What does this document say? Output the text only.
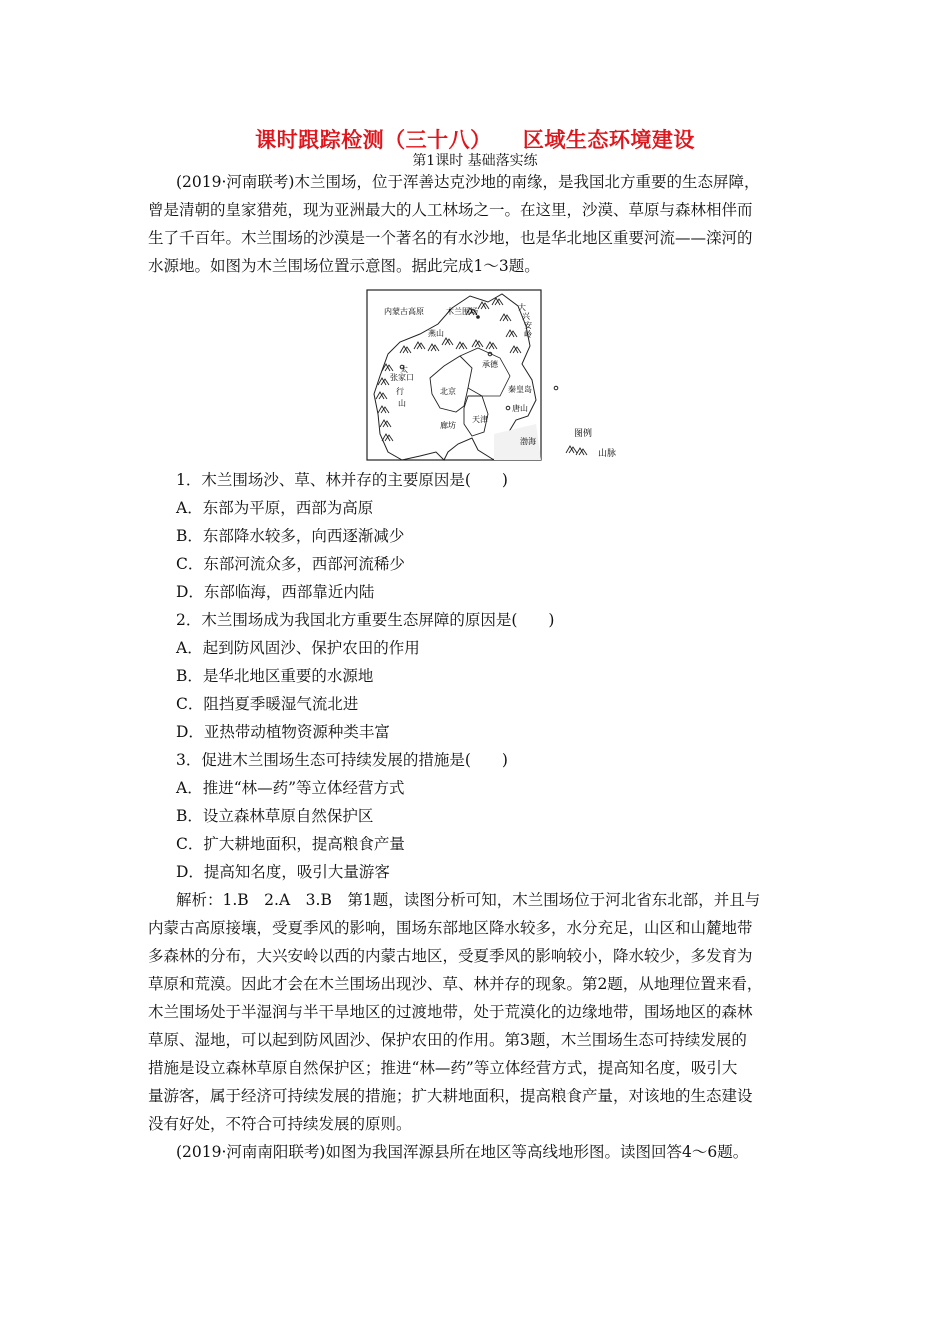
课时跟踪检测（三十八）    区域生态环境建设
第1课时 基础落实练
(2019·河南联考)木兰围场，位于浑善达克沙地的南缘，是我国北方重要的生态屏障，
曾是清朝的皇家猎苑，现为亚洲最大的人工林场之一。在这里，沙漠、草原与森林相伴而
生了千百年。木兰围场的沙漠是一个著名的有水沙地，也是华北地区重要河流——滦河的
水源地。如图为木兰围场位置示意图。据此完成1～3题。
内蒙古高原	木兰围场	大
兴
安
岭
燕山
承德
张家口
太
行
山
北京	秦皇岛
唐山
天津
廊坊
渤海
图例
山脉
1．木兰围场沙、草、林并存的主要原因是(　　)
A．东部为平原，西部为高原
B．东部降水较多，向西逐渐减少
C．东部河流众多，西部河流稀少
D．东部临海，西部靠近内陆
2．木兰围场成为我国北方重要生态屏障的原因是(　　)
A．起到防风固沙、保护农田的作用
B．是华北地区重要的水源地
C．阻挡夏季暖湿气流北进
D．亚热带动植物资源种类丰富
3．促进木兰围场生态可持续发展的措施是(　　)
A．推进“林—药”等立体经营方式
B．设立森林草原自然保护区
C．扩大耕地面积，提高粮食产量
D．提高知名度，吸引大量游客
解析：1.B　2.A　3.B　第1题，读图分析可知，木兰围场位于河北省东北部，并且与
内蒙古高原接壤，受夏季风的影响，围场东部地区降水较多，水分充足，山区和山麓地带
多森林的分布，大兴安岭以西的内蒙古地区，受夏季风的影响较小，降水较少，多发育为
草原和荒漠。因此才会在木兰围场出现沙、草、林并存的现象。第2题，从地理位置来看，
木兰围场处于半湿润与半干旱地区的过渡地带，处于荒漠化的边缘地带，围场地区的森林
草原、湿地，可以起到防风固沙、保护农田的作用。第3题，木兰围场生态可持续发展的
措施是设立森林草原自然保护区；推进“林—药”等立体经营方式，提高知名度，吸引大
量游客，属于经济可持续发展的措施；扩大耕地面积，提高粮食产量，对该地的生态建设
没有好处，不符合可持续发展的原则。
(2019·河南南阳联考)如图为我国浑源县所在地区等高线地形图。读图回答4～6题。
